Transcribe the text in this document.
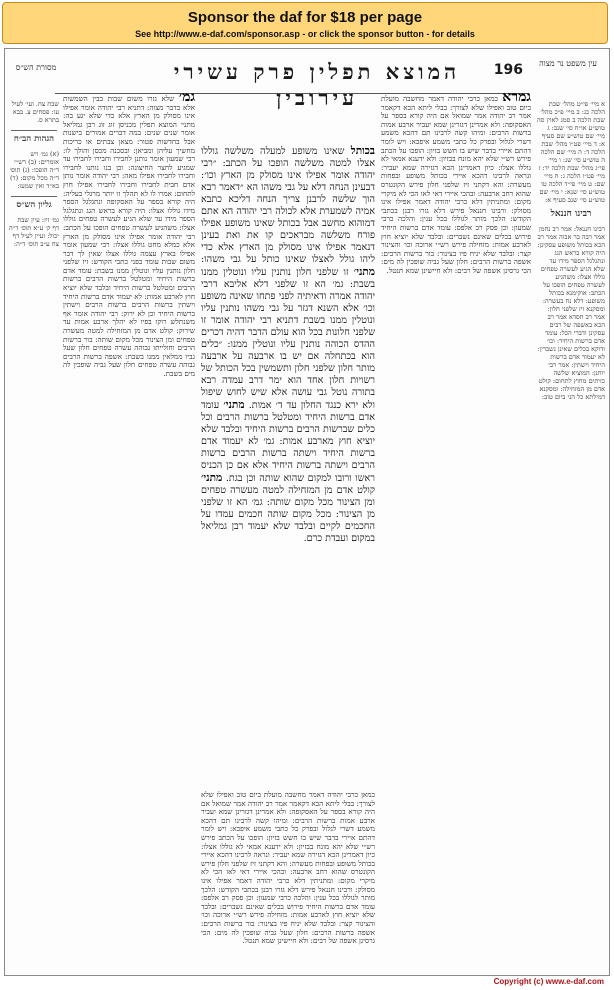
Sponsor the daf for $18 per page
See http://www.e-daf.com/sponsor.asp - or click the sponsor button - for details
עין משפט נר מצוה
196
המוצא תפלין פרק עשירי עירובין
מסורת הש״ס

א מיי׳ פי״ט מהל׳ שבת הלכה כג: ב מיי׳ פ״כ מהל׳ שבת הלכה ב סמג לאוין סה טוש״ע או״ח סי׳ שנב: ג מיי׳ שם טוש״ע שם סעיף א: ד מיי׳ פט״ו מהל׳ שבת הלכה ד: ה מיי׳ שם הלכה ה טוש״ע סי׳ שנ: ו מיי׳ פי״ג מהל׳ שבת הלכה יד: ז מיי׳ פט״ו הלכה ג: ח מיי׳ שם: ט מיי׳ פי״ד הלכה טו טוש״ע סי׳ שנא: י מיי׳ שם טוש״ע סי׳ שנב סעיף א:

רבינו חננאל

רבינו חננאל: אמר רב נחמן אמר רבה בר אבוה אמר רב הכא בכותל משופע עסקינן: היה קורא בראש הגג ונתגלגל הספר מידו עד שלא הגיע לעשרה טפחים גוללו אצלו: משהגיע לעשרה טפחים הופכו על הכתב: אוקימנא בכותל משופע: דלא נח בעשרה: ומסקנא זיז שלפני חלון: אמר רב חסדא אמר רב הכא באשפה של רבים עסקינן ודברי הכל: עומד אדם ברשות היחיד: וכו׳ ודוקא בכלים שאינן נשברין: לא יעמוד אדם ברשות היחיד וישתין: אמר רבי יוחנן: המוציא שלשה כזיתים מחוץ לתחום: קולט אדם מן המזחילה: ומסקנא דמילתא כל הני ביום טוב:

גמרא כמאן כרבי יהודה דאמר מחשבה מועלת ביום טוב ואפילו שלא לצורך: בבלי ליתא הכא דקאמר אמר רב יהודה אמר שמואל אם היה קורא בספר על האסקופה: ולא אמרינן דגזרינן שמא יעביר ארבע אמות ברשות הרבים: ומיהו קשה לרבינו תם דהכא משמע דשרי לגלול ובפרק כל כתבי משמע איפכא: ויש לומר דהתם איירי בדבר שיש בו חשש בזיון: הופכו על הכתב פירש רש״י שלא יהא מונח בבזיון: ולא ידענא אמאי לא גוללו אצלו: כיון דאמרינן הכא דגזירה שמא יעביר: ונראה לרבינו דהכא איירי בכותל משופע ובפחות מעשרה: והא דקתני זיז שלפני חלון פירש הקונטרס שהוא רחב ארבעה: ובהכי איירי דאי לאו הכי לא מיקרי מקום: ומתניתין דלא כרבי יהודה דאמר אפילו אינו מסולק: ורבינו חננאל פירש דלא גזרו רבנן בכתבי הקודש: הלכך מותר לגוללו בכל ענין: והלכה כרבי שמעון: וכן פסק רב אלפס: עומד אדם ברשות היחיד פירוש בכלים שאינם נשברים: ובלבד שלא יוציא חוץ לארבע אמות: מזחילה פירש רש״י ארוכה וכו׳ והצינור קצר: ובלבד שלא יניח פיו בצינור: בור ברשות הרבים: אשפה ברשות הרבים: חלון שעל גביה שופכין לה מים: הכי גרסינן אשפה של רבים: ולא חיישינן שמא תנטל.

בכותל שאינו משופע למעלה משלשה גוללו אצלו למטה משלשה הופכו על הכתב: ״רבי יהודה אומר אפילו אינו מסולק מן הארץ וכו׳: דבעינן הנחה דלא על גבי משהו הא ״דאמר רבא הוך שלשה לרבנן צריך הנחה דליכא כתבא אמיה לשמערת אלא לכולה רבי יהודה הא אתם דמוהוא מחשב אבל בכותל שאינו משופע אפילו פורח משלשה מבראכים קו את ואת בעינן דנאמר אפילו אינו מסולק מן הארץ אלא כדי ליהו גולל לאצלו שאינו כותל על גבי משהו: מתני׳ זו שלפני חלון נותנין עליו ונוטלין ממנו בשבת: גמ׳ הא זו שלפני דלא אליבא דרבי יהודה אמרה ודאיתיה לפני פתחו שאינה משופע וכו׳ אלא השנא דגזר על גבי משהו נותנין עליו ונוטלין ממנו בשבת דתניא רבי יהודה אומר זו שלפני חלונות בכל הוא עולם הדבר דהיה דכרים ההדס הכוהה נותנין עליו ונוטלין ממנו: ״כלים הוא בכתחלה אם יש בו ארבעה על ארבעה מותר חלון שלפני חלון ותשמשין בכל הכותל של רשויות חלון אחד הוא ימר דרב עמדה רבא בתורה נוטל גבי עושה אלא שיש לחוש שיפול ולא ירא כנגד החלון עד ד׳ אמות. מתני׳ עומד אדם ברשות היחיד ומטלטל ברשות הרבים וכל כלים שברשות הרבים ברשות היחיד ובלבד שלא יוציא חוץ מארבע אמות: גמ׳ לא יעמוד אדם ברשות היחיד וישתה ברשות הרבים ברשות הרבים וישתה ברשות היחיד אלא אם כן הכניס ראשו ורובו למקום שהוא שותה וכן בגת. מתני׳ קולט אדם מן המזחילה למטה מעשרה טפחים ומן הצינור מכל מקום שותה: גמ׳ הא זו שלפני מן הצינור: מכל מקום שותה חכמים עמדו על החכמים לקיים ובלבד שלא יעמוד רבן גמליאל במקום ועבדת כרם.

גמ׳ שלא גזרו משום שבות בבין השמשות אלא בדבר מצוה: דתניא רבי יהודה אומר אפילו אינו מסולק מן הארץ אלא כדי שלא יגע בה: מתני׳ המוצא תפלין מכניסן זוג זוג רבן גמליאל אומר שנים שנים: במה דברים אמורים בישנות אבל בחדשות פטור: מצאן צבתים או כריכות מחשיך עליהן ומביאן: ובסכנה מכסן והולך לו: רבי שמעון אומר נותנן לחבירו וחבירו לחבירו עד שמגיע לחצר החיצונה: וכן בנו נותנו לחבירו וחבירו לחבירו אפילו מאה: רבי יהודה אומר נותן אדם חבית לחבירו וחבירו לחבירו אפילו חוץ לתחום: אמרו לו לא תהלך זו יותר מרגלי בעליה: היה קורא בספר על האסקופה ונתגלגל הספר מידו גוללו אצלו: היה קורא בראש הגג ונתגלגל הספר מידו עד שלא הגיע לעשרה טפחים גוללו אצלו: משהגיע לעשרה טפחים הופכו על הכתב: רבי יהודה אומר אפילו אינו מסולק מן הארץ אלא כמלא מחט גוללו אצלו: רבי שמעון אומר אפילו בארץ עצמה גוללו אצלו שאין לך דבר משום שבות עומד בפני כתבי הקודש: זיז שלפני חלון נותנין עליו ונוטלין ממנו בשבת: עומד אדם ברשות היחיד ומטלטל ברשות הרבים ברשות הרבים ומטלטל ברשות היחיד ובלבד שלא יוציא חוץ לארבע אמות: לא יעמוד אדם ברשות היחיד וישתין ברשות הרבים ברשות הרבים וישתין ברשות היחיד וכן לא ירוק: רבי יהודה אומר אף משנתלש רוקו בפיו לא יהלך ארבע אמות עד שירוק: קולט אדם מן המזחילה למטה מעשרה טפחים ומן הצינור מכל מקום שותה: בור ברשות הרבים וחולייתו גבוהה עשרה טפחים חלון שעל גביו ממלאין ממנו בשבת: אשפה ברשות הרבים גבוהה עשרה טפחים חלון שעל גביה שופכין לה מים בשבת.

כמאן כרבי יהודה דאמר מחשבה מועלת ביום טוב ואפילו שלא לצורך: בבלי ליתא הכא דקאמר אמר רב יהודה אמר שמואל אם היה קורא בספר על האסקופה: ולא אמרינן דגזרינן שמא יעביר ארבע אמות ברשות הרבים: ומיהו קשה לרבינו תם דהכא משמע דשרי לגלול ובפרק כל כתבי משמע איפכא: ויש לומר דהתם איירי בדבר שיש בו חשש בזיון: הופכו על הכתב פירש רש״י שלא יהא מונח בבזיון: ולא ידענא אמאי לא גוללו אצלו: כיון דאמרינן הכא דגזירה שמא יעביר: ונראה לרבינו דהכא איירי בכותל משופע ובפחות מעשרה: והא דקתני זיז שלפני חלון פירש הקונטרס שהוא רחב ארבעה: ובהכי איירי דאי לאו הכי לא מיקרי מקום: ומתניתין דלא כרבי יהודה דאמר אפילו אינו מסולק: ורבינו חננאל פירש דלא גזרו רבנן בכתבי הקודש: הלכך מותר לגוללו בכל ענין: והלכה כרבי שמעון: וכן פסק רב אלפס: עומד אדם ברשות היחיד פירוש בכלים שאינם נשברים: ובלבד שלא יוציא חוץ לארבע אמות: מזחילה פירש רש״י ארוכה וכו׳ והצינור קצר: ובלבד שלא יניח פיו בצינור: בור ברשות הרבים: אשפה ברשות הרבים: חלון שעל גביה שופכין לה מים: הכי גרסינן אשפה של רבים: ולא חיישינן שמא תנטל.

שבת צח. ועי׳ לעיל עו: פסחים צ. בבא בתרא ס.

הגהות הב״ח

(א) גמ׳ ויש אומרים: (ב) רש״י ד״ה הופכו: (ג) תוס׳ ד״ה מכל מקום: (ד) בא״ד ואין שמעו:

גליון הש״ס

גמ׳ זיז: עיין שבת דף ק׳ ע״א תוס׳ ד״ה יכול: ועיין לעיל דף צח ע״ב תוס׳ ד״ה:

Copyright (c) www.e-daf.com
